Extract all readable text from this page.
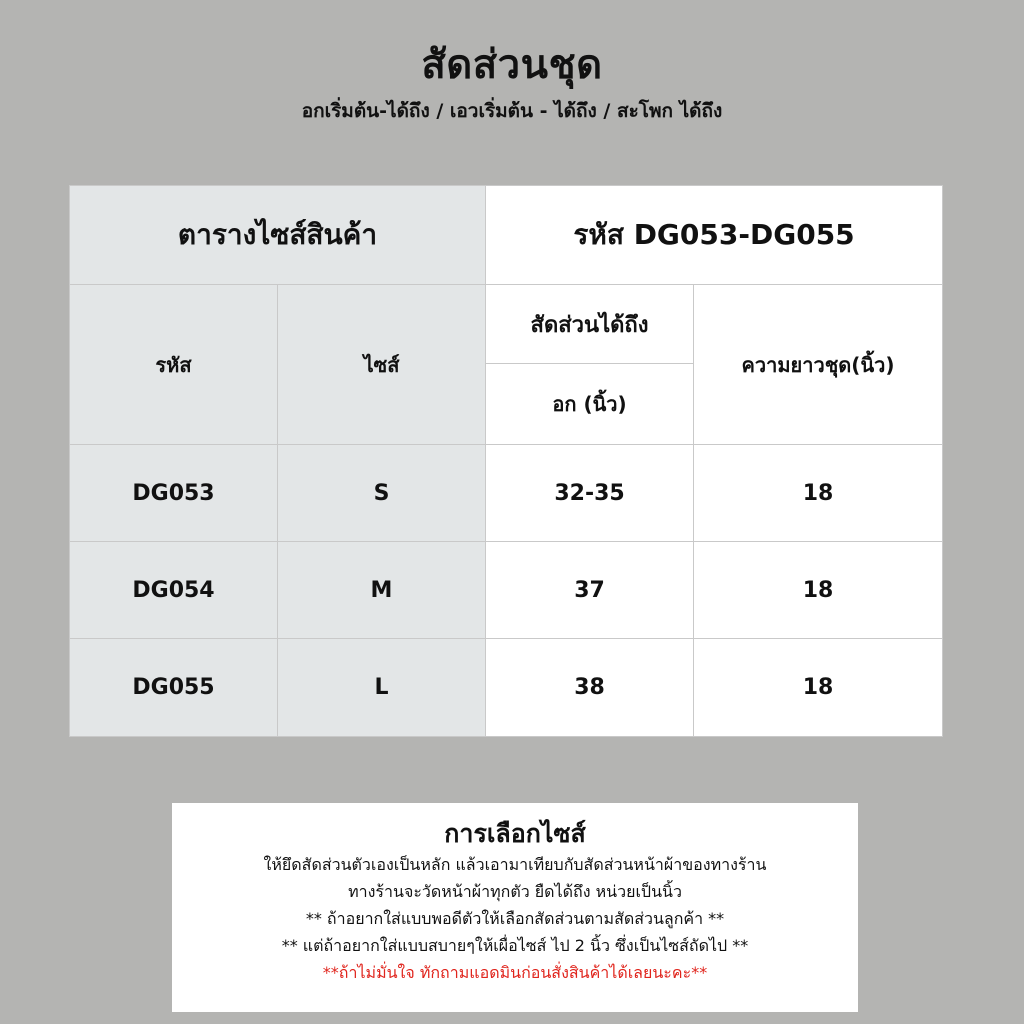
สัดส่วนชุด
อกเริ่มต้น-ได้ถึง / เอวเริ่มต้น - ได้ถึง / สะโพก ได้ถึง
ตารางไซส์สินค้า		รหัส DG053-DG055	
รหัส	ไซส์	สัดส่วนได้ถึง	ความยาวชุด(นิ้ว)
		อก (นิ้ว)	
DG053	S	32-35	18
DG054	M	37	18
DG055	L	38	18
การเลือกไซส์
ให้ยึดสัดส่วนตัวเองเป็นหลัก แล้วเอามาเทียบกับสัดส่วนหน้าผ้าของทางร้าน
ทางร้านจะวัดหน้าผ้าทุกตัว ยืดได้ถึง หน่วยเป็นนิ้ว
** ถ้าอยากใส่แบบพอดีตัวให้เลือกสัดส่วนตามสัดส่วนลูกค้า **
** แต่ถ้าอยากใส่แบบสบายๆให้เผื่อไซส์ ไป 2 นิ้ว ซึ่งเป็นไซส์ถัดไป **
**ถ้าไม่มั่นใจ ทักถามแอดมินก่อนสั่งสินค้าได้เลยนะคะ**
